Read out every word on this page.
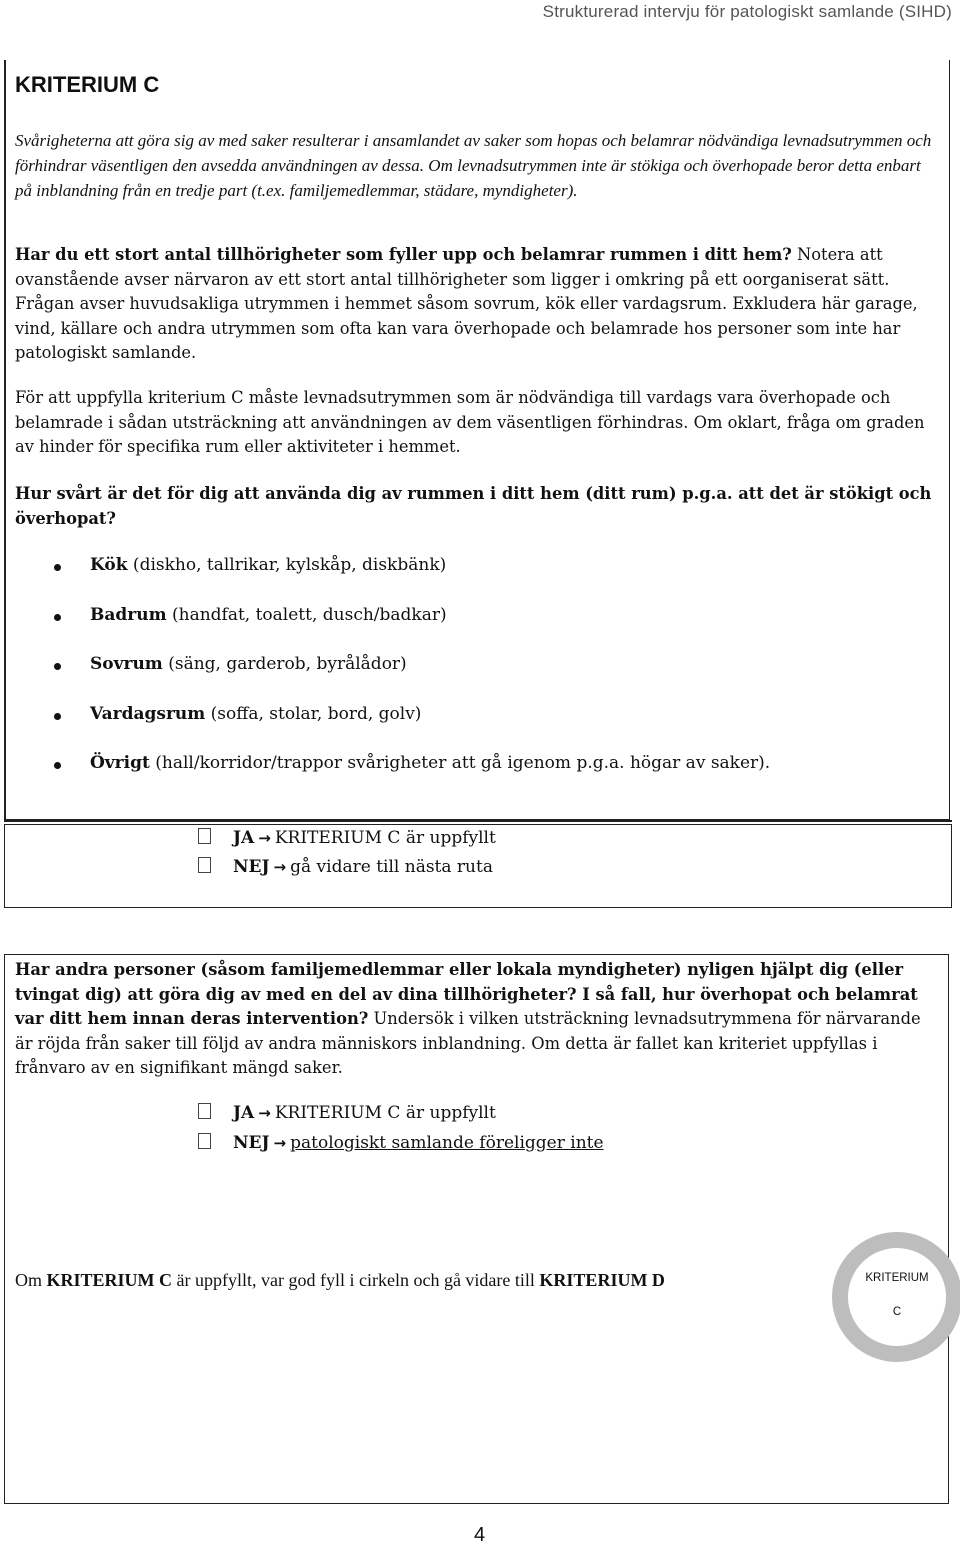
Strukturerad intervju för patologiskt samlande (SIHD)
KRITERIUM C

Svårigheterna att göra sig av med saker resulterar i ansamlandet av saker som hopas och belamrar nödvändiga levnadsutrymmen och förhindrar väsentligen den avsedda användningen av dessa. Om levnadsutrymmen inte är stökiga och överhopade beror detta enbart på inblandning från en tredje part (t.ex. familjemedlemmar, städare, myndigheter).

Har du ett stort antal tillhörigheter som fyller upp och belamrar rummen i ditt hem? Notera att ovanstående avser närvaron av ett stort antal tillhörigheter som ligger i omkring på ett oorganiserat sätt. Frågan avser huvudsakliga utrymmen i hemmet såsom sovrum, kök eller vardagsrum. Exkludera här garage, vind, källare och andra utrymmen som ofta kan vara överhopade och belamrade hos personer som inte har patologiskt samlande.

För att uppfylla kriterium C måste levnadsutrymmen som är nödvändiga till vardags vara överhopade och belamrade i sådan utsträckning att användningen av dem väsentligen förhindras. Om oklart, fråga om graden av hinder för specifika rum eller aktiviteter i hemmet.

Hur svårt är det för dig att använda dig av rummen i ditt hem (ditt rum) p.g.a. att det är stökigt och överhopat?

Kök (diskho, tallrikar, kylskåp, diskbänk)
Badrum (handfat, toalett, dusch/badkar)
Sovrum (säng, garderob, byrålådor)
Vardagsrum (soffa, stolar, bord, golv)
Övrigt (hall/korridor/trappor svårigheter att gå igenom p.g.a. högar av saker).
JA → KRITERIUM C är uppfyllt
NEJ → gå vidare till nästa ruta

Har andra personer (såsom familjemedlemmar eller lokala myndigheter) nyligen hjälpt dig (eller tvingat dig) att göra dig av med en del av dina tillhörigheter? I så fall, hur överhopat och belamrat var ditt hem innan deras intervention? Undersök i vilken utsträckning levnadsutrymmena för närvarande är röjda från saker till följd av andra människors inblandning. Om detta är fallet kan kriteriet uppfyllas i frånvaro av en signifikant mängd saker.

JA → KRITERIUM C är uppfyllt
NEJ → patologiskt samlande föreligger inte
Om KRITERIUM C är uppfyllt, var god fyll i cirkeln och gå vidare till KRITERIUM D	KRITERIUM
C
4
